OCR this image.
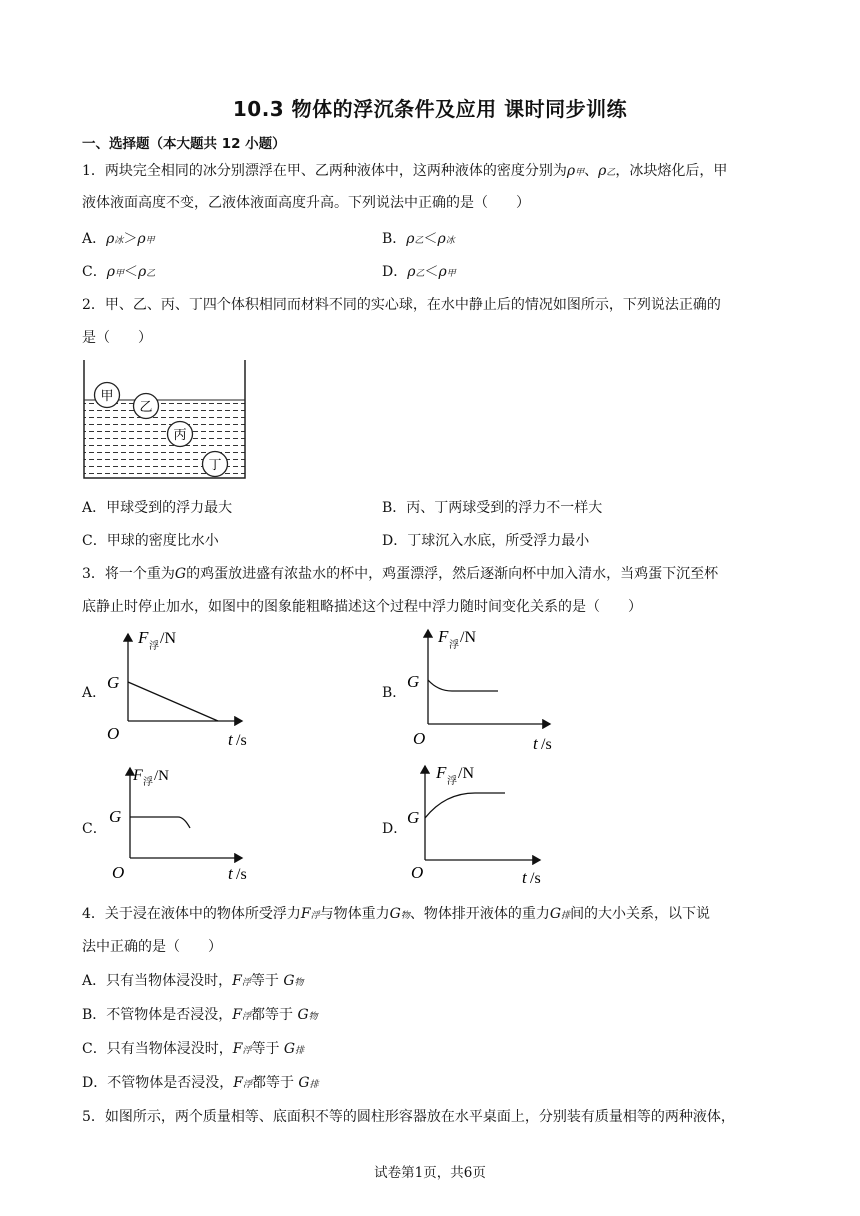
10.3 物体的浮沉条件及应用 课时同步训练
一、选择题（本大题共 12 小题）
1．两块完全相同的冰分别漂浮在甲、乙两种液体中，这两种液体的密度分别为ρ甲、ρ乙，冰块熔化后，甲
液体液面高度不变，乙液体液面高度升高。下列说法中正确的是（　　）
A．ρ冰＞ρ甲	B．ρ乙＜ρ冰
C．ρ甲＜ρ乙	D．ρ乙＜ρ甲
2．甲、乙、丙、丁四个体积相同而材料不同的实心球，在水中静止后的情况如图所示，下列说法正确的
是（　　）
甲
乙
丙
丁
A．甲球受到的浮力最大	B．丙、丁两球受到的浮力不一样大
C．甲球的密度比水小	D．丁球沉入水底，所受浮力最小
3．将一个重为G的鸡蛋放进盛有浓盐水的杯中，鸡蛋漂浮，然后逐渐向杯中加入清水，当鸡蛋下沉至杯
底静止时停止加水，如图中的图象能粗略描述这个过程中浮力随时间变化关系的是（　　）
A．
F 浮 /N
G
O	t /s
B．
F 浮 /N
G
O	t /s
C．
F 浮 /N
G
O	t /s
D．
F 浮 /N
G
O	t /s
4．关于浸在液体中的物体所受浮力F浮与物体重力G物、物体排开液体的重力G排间的大小关系，以下说
法中正确的是（　　）
A．只有当物体浸没时，F浮等于 G物
B．不管物体是否浸没，F浮都等于 G物
C．只有当物体浸没时，F浮等于 G排
D．不管物体是否浸没，F浮都等于 G排
5．如图所示，两个质量相等、底面积不等的圆柱形容器放在水平桌面上，分别装有质量相等的两种液体，
试卷第1页，共6页
